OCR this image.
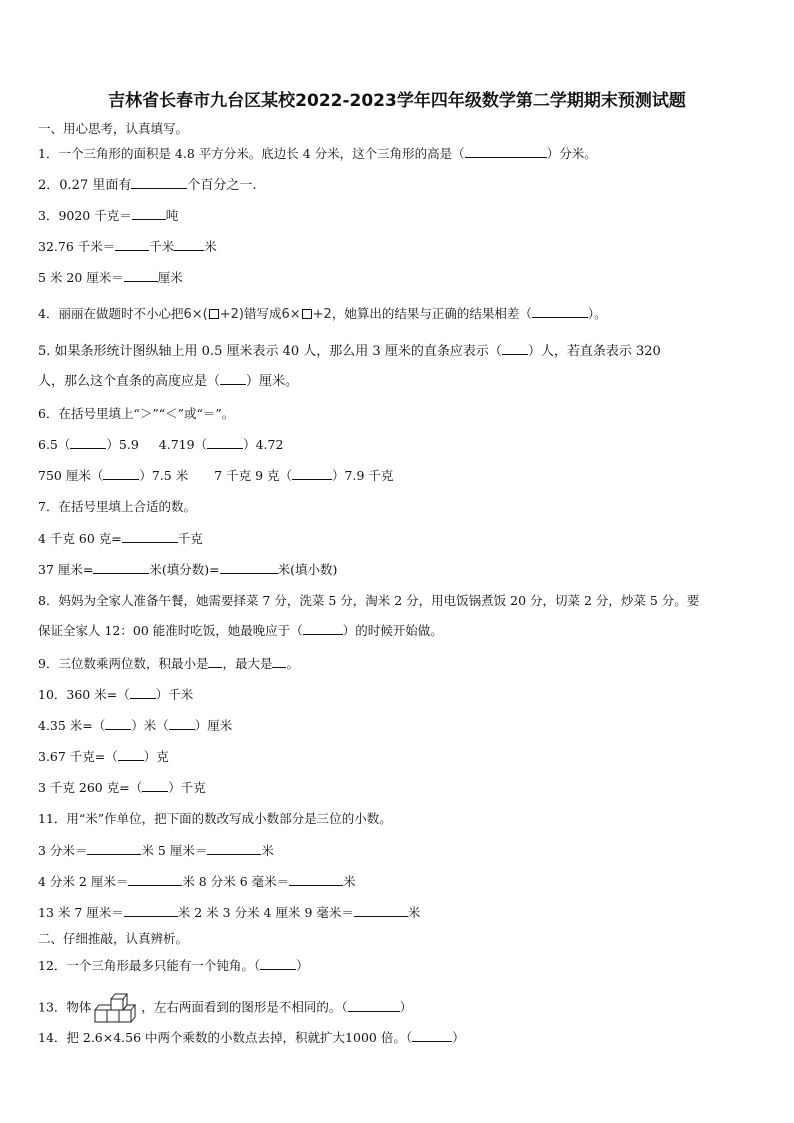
吉林省长春市九台区某校2022-2023学年四年级数学第二学期期末预测试题
一、用心思考，认真填写。
1．一个三角形的面积是 4.8 平方分米。底边长 4 分米，这个三角形的高是（	）分米。
2．0.27 里面有	个百分之一.
3．9020 千克＝	吨
32.76 千米＝	千米 米
5 米 20 厘米＝	厘米
4．丽丽在做题时不小心把6×( +2)错写成6× +2，她算出的结果与正确的结果相差（	）。
5. 如果条形统计图纵轴上用 0.5 厘米表示 40 人，那么用 3 厘米的直条应表示（ ）人，若直条表示 320
人，那么这个直条的高度应是（ ）厘米。
6．在括号里填上“＞”“＜”或“＝”。
6.5（	）5.9 4.719（	）4.72
750 厘米（	）7.5 米 7 千克 9 克（	）7.9 千克
7．在括号里填上合适的数。
4 千克 60 克=	千克
37 厘米=	米(填分数)=	米(填小数)
8．妈妈为全家人准备午餐，她需要择菜 7 分，洗菜 5 分，淘米 2 分，用电饭锅煮饭 20 分，切菜 2 分，炒菜 5 分。要
保证全家人 12：00 能准时吃饭，她最晚应于（	）的时候开始做。
9．三位数乘两位数，积最小是 ，最大是 。
10．360 米=（ ）千米
4.35 米=（ ）米（ ）厘米
3.67 千克=（ ）克
3 千克 260 克=（ ）千克
11．用“米”作单位，把下面的数改写成小数部分是三位的小数。
3 分米＝	米 5 厘米＝	米
4 分米 2 厘米＝	米 8 分米 6 毫米＝	米
13 米 7 厘米＝	米 2 米 3 分米 4 厘米 9 毫米＝	米
二、仔细推敲，认真辨析。
12．一个三角形最多只能有一个钝角。（	）
13．物体	，左右两面看到的图形是不相同的。（	）
14．把 2.6×4.56 中两个乘数的小数点去掉，积就扩大1000 倍。（	）
